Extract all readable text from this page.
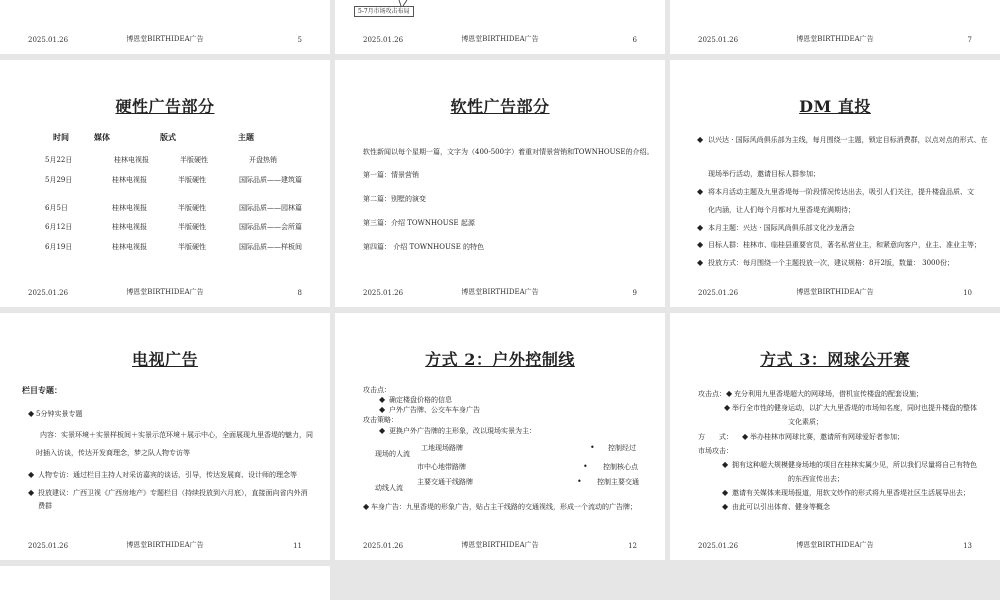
2025.01.26	博恩堂BIRTHIDEA广告	5
5-7月市场攻击布局
2025.01.26	博恩堂BIRTHIDEA广告	6	2025.01.26	博恩堂BIRTHIDEA广告	7
硬性广告部分
时间	媒体	版式	主题
5月22日	桂林电视报	半版硬性	开盘热销
5月29日	桂林电视报	半版硬性	国际品质——建筑篇
6月5日	桂林电视报	半版硬性	国际品质——园林篇
6月12日	桂林电视报	半版硬性	国际品质——会所篇
6月19日	桂林电视报	半版硬性	国际品质——样板间
2025.01.26	博恩堂BIRTHIDEA广告	8
软性广告部分
软性新闻以每个星期一篇，文字为（400-500字）着重对情景营销和TOWNHOUSE的介绍。
第一篇：情景营销
第二篇：别墅的演变
第三篇：介绍 TOWNHOUSE 起源
第四篇： 介绍 TOWNHOUSE 的特色
2025.01.26	博恩堂BIRTHIDEA广告	9
DM 直投
◆ 以兴达 · 国际风尚俱乐部为主线，每月围绕一主题，锁定目标消费群，以点对点的形式、在
现场举行活动，邀请目标人群参加；
◆ 将本月活动主题及九里香堤每一阶段情况传达出去，吸引人们关注，提升楼盘品质、文
化内涵，让人们每个月都对九里香堤充满期待；
◆ 本月主题：兴达 · 国际风尚俱乐部文化沙龙酒会
◆ 目标人群：桂林市、临桂县重要官员，著名私营业主，和紧意向客户，业主、准业主等；
◆ 投放方式：每月围绕一个主题投放一次，建议规格：8开2版，数量： 3000份；
2025.01.26	博恩堂BIRTHIDEA广告	10
电视广告
栏目专题：
◆ 5分钟实景专题
内容：实景环境＋实景样板间＋实景示范环境＋展示中心，全面展现九里香堤的魅力，同
时插入访谈，传达开发商理念，梦之队人物专访等
◆ 人物专访：通过栏目主持人对采访嘉宾的谈话，引导，传达发展商、设计师的理念等
◆ 投放建议：广西卫视《广西房地产》专题栏目（持续投放到六月底），直接面向省内外消
费群
2025.01.26	博恩堂BIRTHIDEA广告	11
方式 2：户外控制线
攻击点：
◆ 确定楼盘价格的信息
◆ 户外广告牌、公交车车身广告
攻击策略：
◆ 更换户外广告牌的主形象，改以現场实景为主：
现场的人流
工地现场路牌	• 控制经过
市中心地带路牌	• 控制核心点
动线人流
主要交通干线路牌	• 控制主要交通
◆ 车身广告：九里香堤的形象广告，贴占主干线路的交通视线，形成一个流动的广告牌；
2025.01.26	博恩堂BIRTHIDEA广告	12
方式 3：网球公开赛
攻击点： ◆ 充分利用九里香堤超大的网球场，借机宣传楼盘的配套设施；
◆ 举行全市性的健身运动，以扩大九里香堤的市场知名度，同时也提升楼盘的整体
文化素质；
方　　式： ◆ 举办桂林市网球比赛，邀请所有网球爱好者参加；
市场攻击：
◆ 拥有这种超大规模健身场地的项目在桂林实属少见，所以我们尽量将自己有特色
的东西宣传出去；
◆ 邀请有关媒体来现场报道，用软文炒作的形式将九里香堤社区生活展导出去；
◆ 由此可以引出体育、健身等概念
2025.01.26	博恩堂BIRTHIDEA广告	13
